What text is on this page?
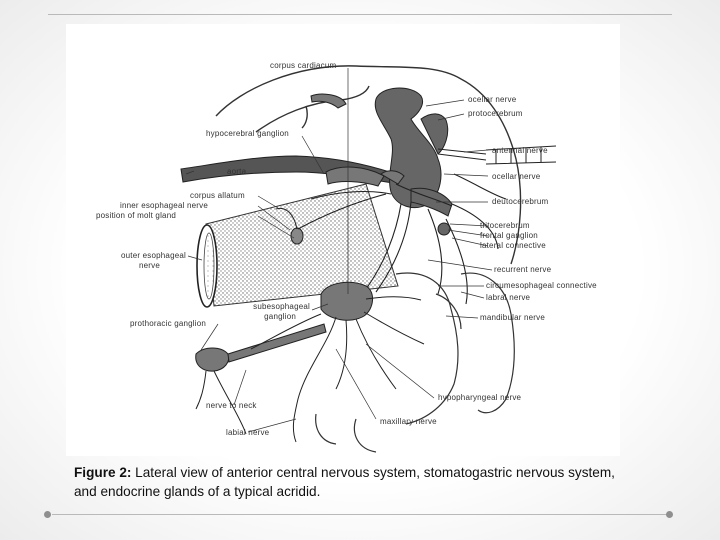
corpus cardiacum
ocellar nerve
protocerebrum
hypocerebral ganglion
antennal nerve
aorta
ocellar nerve
corpus allatum
deutocerebrum
inner esophageal nerve
position of molt gland
tritocerebrum
frontal ganglion
lateral connective
outer esophageal
nerve	recurrent nerve
circumesophageal connective
labral nerve
subesophageal
ganglion	mandibular nerve
prothoracic ganglion
hypopharyngeal nerve
nerve to neck
maxillary nerve
labial nerve
Figure 2: Lateral view of anterior central nervous system, stomatogastric nervous system, and endocrine glands of a typical acridid.
